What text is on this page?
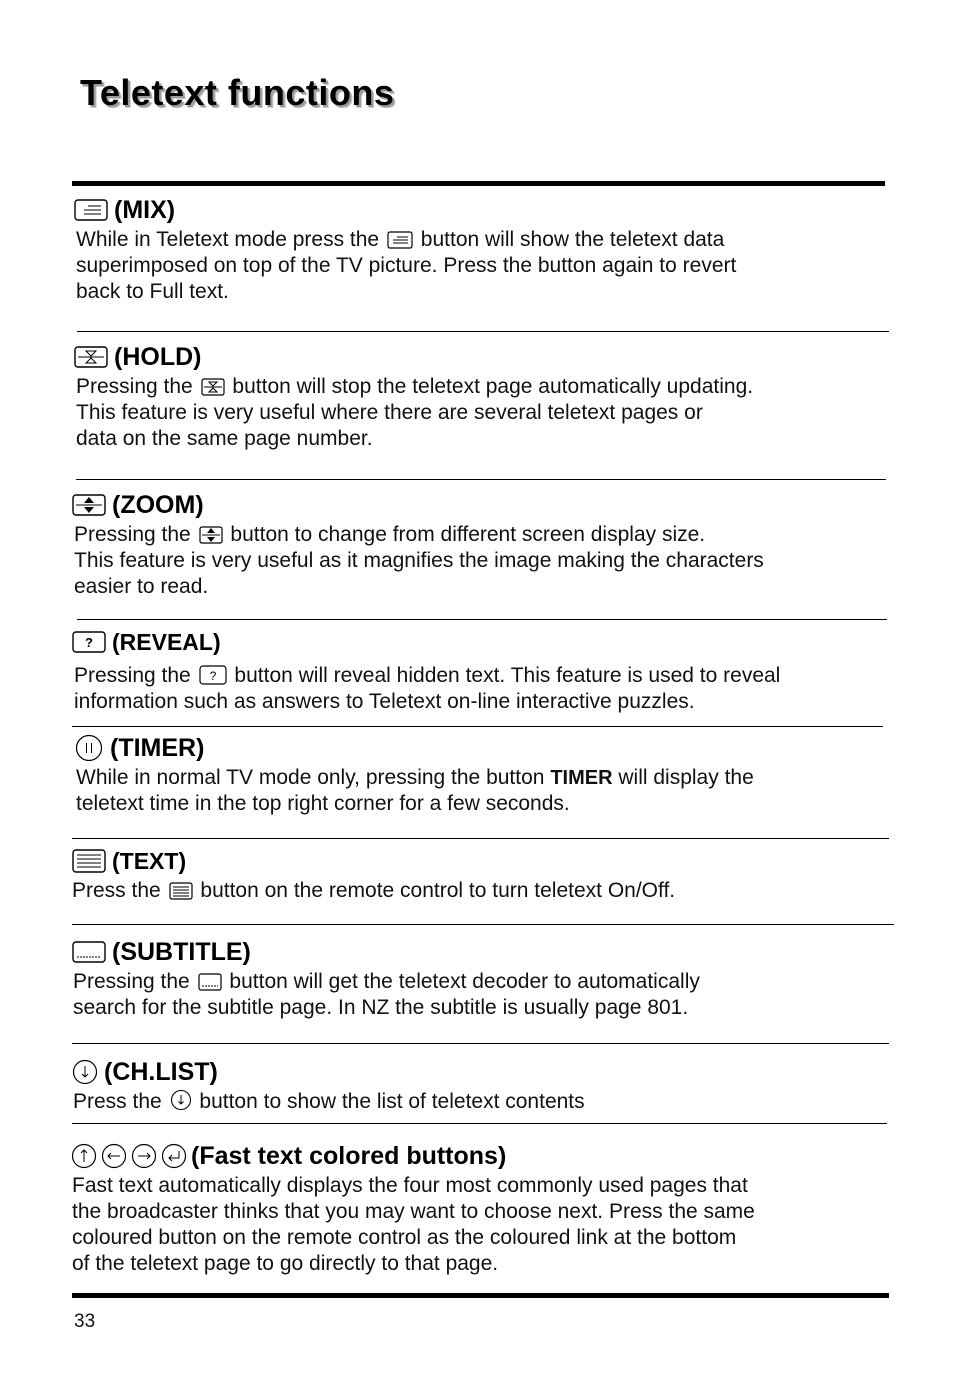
Teletext functions
(MIX)
While in Teletext mode press the button will show the teletext data
superimposed on top of the TV picture. Press the button again to revert
back to Full text.
(HOLD)
Pressing the button will stop the teletext page automatically updating.
This feature is very useful where there are several teletext pages or
data on the same page number.
(ZOOM)
Pressing the button to change from different screen display size.
This feature is very useful as it magnifies the image making the characters
easier to read.
? (REVEAL)
Pressing the ? button will reveal hidden text. This feature is used to reveal
information such as answers to Teletext on-line interactive puzzles.
(TIMER)
While in normal TV mode only, pressing the button TIMER will display the
teletext time in the top right corner for a few seconds.
(TEXT)
Press the button on the remote control to turn teletext On/Off.
(SUBTITLE)
Pressing the button will get the teletext decoder to automatically
search for the subtitle page. In NZ the subtitle is usually page 801.
(CH.LIST)
Press the button to show the list of teletext contents
(Fast text colored buttons)
Fast text automatically displays the four most commonly used pages that
the broadcaster thinks that you may want to choose next. Press the same
coloured button on the remote control as the coloured link at the bottom
of the teletext page to go directly to that page.
33
